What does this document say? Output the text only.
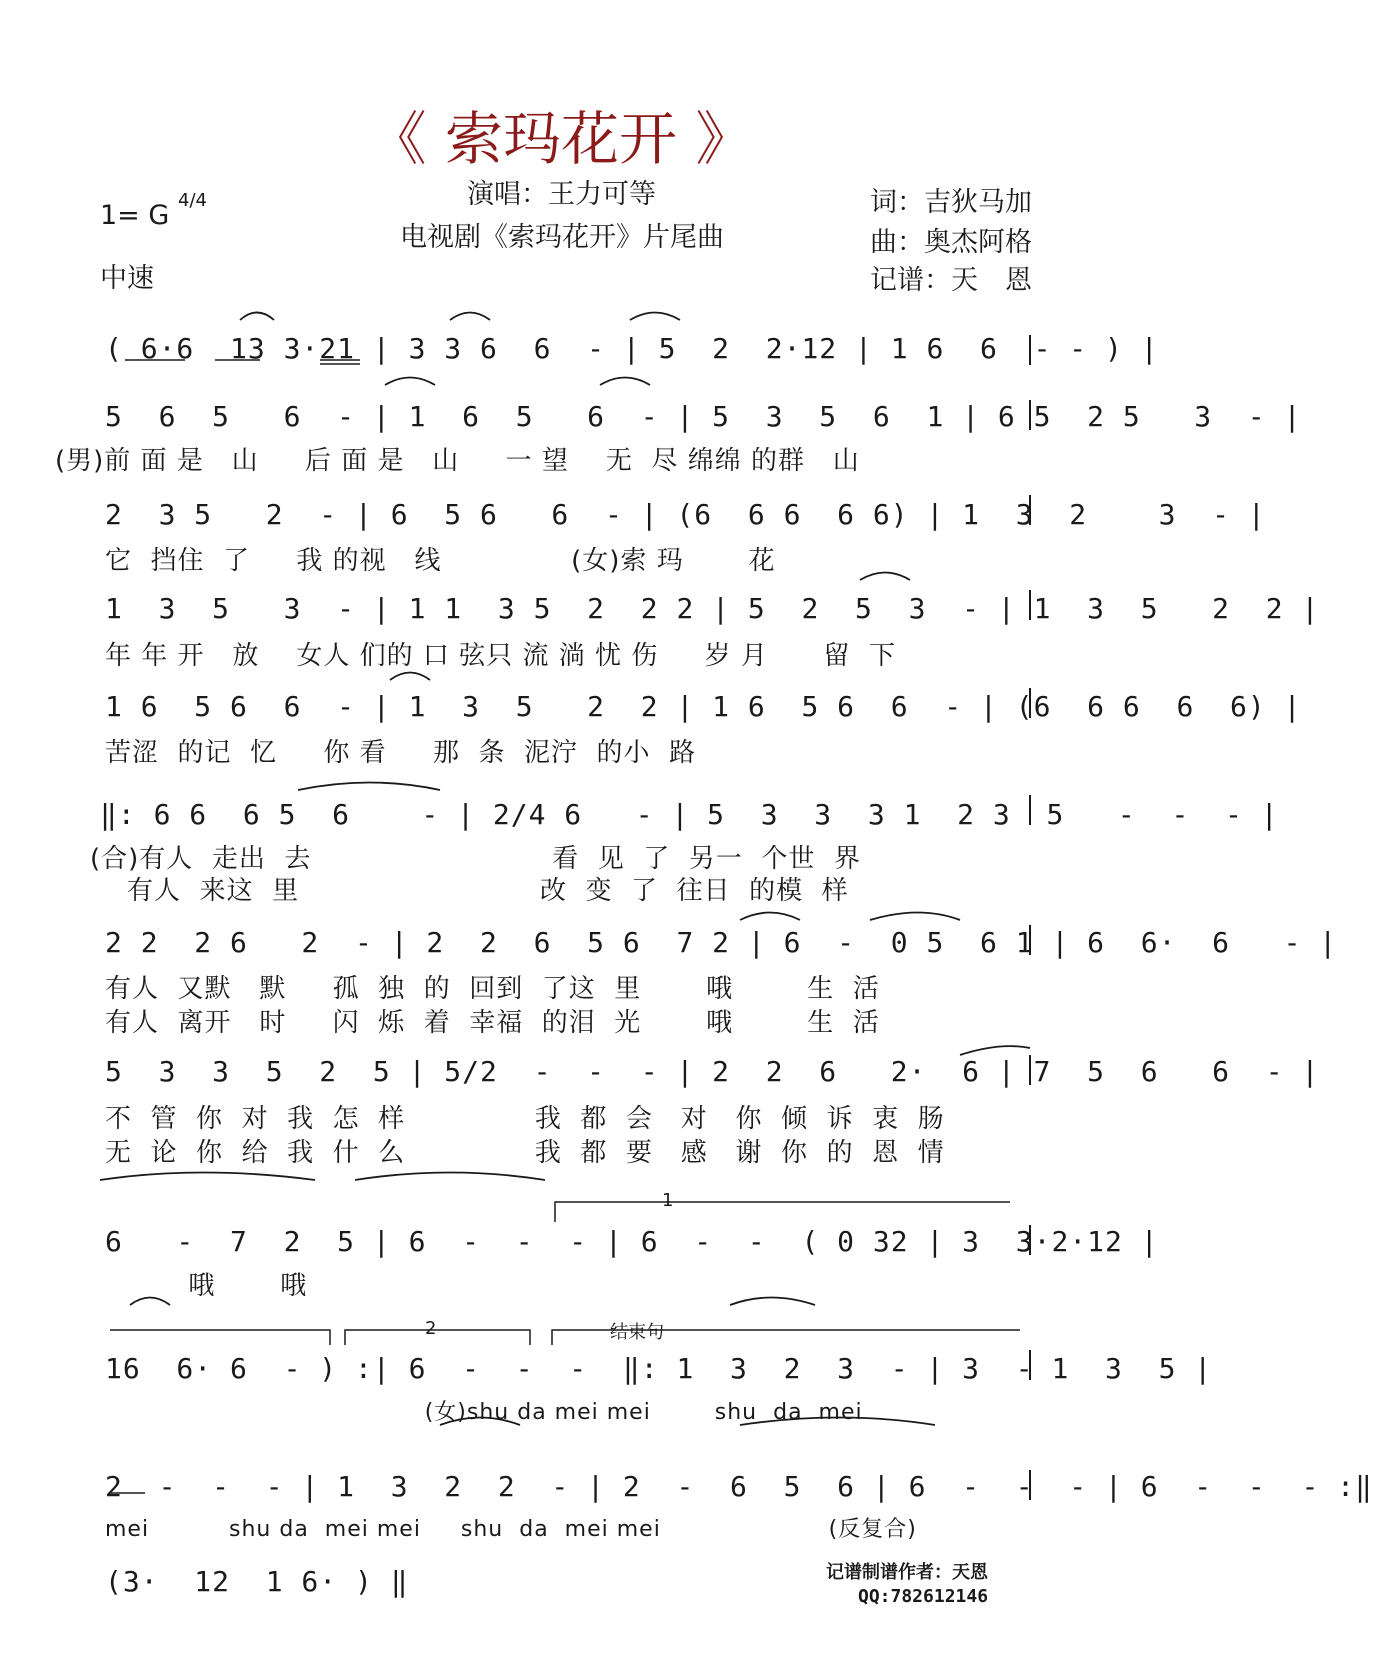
《 索玛花开 》
1= G 4/4
中速
演唱：王力可等
电视剧《索玛花开》片尾曲
词：吉狄马加
曲：奥杰阿格
记谱：天　恩
( 6·6  13 3·21 | 3 3 6  6  - | 5  2  2·12 | 1 6  6  - - ) |
5  6  5   6  - | 1  6  5   6  - | 5  3  5  6  1 | 6 5  2 5   3  - |
(男)前 面 是   山     后 面 是   山     一 望    无  尽 绵绵 的群   山
2  3 5   2  - | 6  5 6   6  - | (6  6 6  6 6) | 1  3  2    3  - |
它  挡住  了     我 的视   线              (女)索 玛       花
1  3  5   3  - | 1 1  3 5  2  2 2 | 5  2  5  3  - | 1  3  5   2  2 |
年 年 开   放    女人 们的 口 弦只 流 淌 忧 伤     岁 月      留  下
1 6  5 6  6  - | 1  3  5   2  2 | 1 6  5 6  6  - | (6  6 6  6  6) |
苦涩  的记  忆     你 看     那  条  泥泞  的小  路
‖: 6 6  6 5  6    - | 2/4 6   - | 5  3  3  3 1  2 3  5   -  -  - |
(合)有人  走出  去                          看  见  了  另一  个世  界
有人  来这  里                          改  变  了  往日  的模  样
2 2  2 6   2  - | 2  2  6  5 6  7 2 | 6  -  0 5  6 1 | 6  6·  6   - |
有人  又默   默     孤  独  的  回到  了这  里       哦        生  活
有人  离开   时     闪  烁  着  幸福  的泪  光       哦        生  活
5  3  3  5  2  5 | 5/2  -  -  - | 2  2  6   2·  6 | 7  5  6   6  - |
不  管  你  对  我  怎  样              我  都  会   对   你  倾  诉  衷  肠
无  论  你  给  我  什  么              我  都  要   感   谢  你  的  恩  情
1
6   -  7  2  5 | 6  -  -  - | 6  -  -  ( 0 32 | 3  3·2·12 |
哦       哦
2	结束句
16  6· 6  - ) :| 6  -  -  -  ‖: 1  3  2  3  - | 3  - 1  3  5 |
(女)shu da mei mei        shu  da  mei
2  -  -  - | 1  3  2  2  - | 2  -  6  5  6 | 6  -  -  - | 6  -  -  - :‖
mei          shu da  mei mei     shu  da  mei mei                     (反复合)
(3·  12  1 6· ) ‖	记谱制谱作者：天恩
QQ:782612146
